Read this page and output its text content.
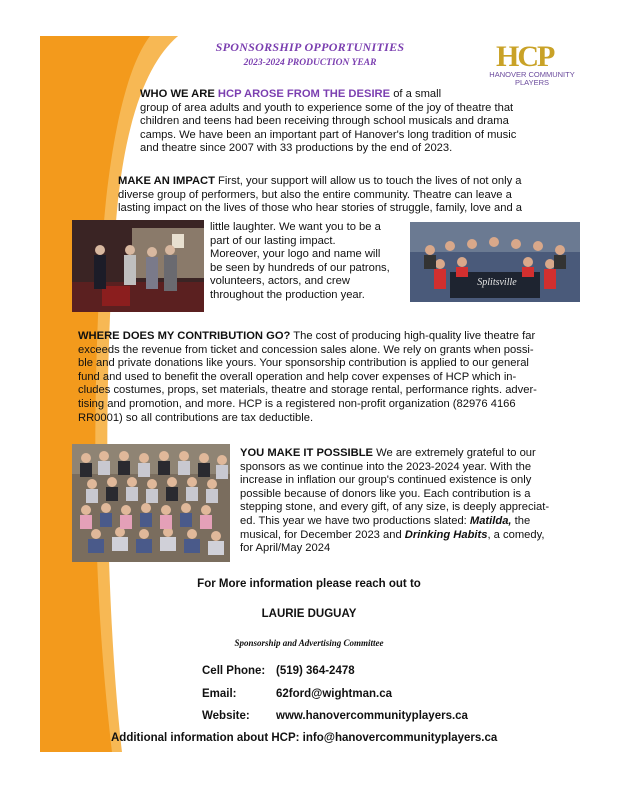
SPONSORSHIP OPPORTUNITIES
2023-2024 PRODUCTION YEAR	HCP
HANOVER COMMUNITY
PLAYERS
WHO WE ARE HCP AROSE FROM THE DESIRE of a small
group of area adults and youth to experience some of the joy of theatre that
children and teens had been receiving through school musicals and drama
camps. We have been an important part of Hanover's long tradition of music
and theatre since 2007 with 33 productions by the end of 2023.
MAKE AN IMPACT First, your support will allow us to touch the lives of not only a
diverse group of performers, but also the entire community. Theatre can leave a
lasting impact on the lives of those who hear stories of struggle, family, love and a
little laughter. We want you to be a
part of our lasting impact.
Moreover, your logo and name will
be seen by hundreds of our patrons,
volunteers, actors, and crew
throughout the production year.
Splitsville
WHERE DOES MY CONTRIBUTION GO? The cost of producing high-quality live theatre far
exceeds the revenue from ticket and concession sales alone. We rely on grants when possi-
ble and private donations like yours. Your sponsorship contribution is applied to our general
fund and used to benefit the overall operation and help cover expenses of HCP which in-
cludes costumes, props, set materials, theatre and storage rental, performance rights. adver-
tising and promotion, and more. HCP is a registered non-profit organization (82976 4166
RR0001) so all contributions are tax deductible.
YOU MAKE IT POSSIBLE We are extremely grateful to our
sponsors as we continue into the 2023-2024 year. With the
increase in inflation our group's continued existence is only
possible because of donors like you. Each contribution is a
stepping stone, and every gift, of any size, is deeply appreciat-
ed. This year we have two productions slated: Matilda, the
musical, for December 2023 and Drinking Habits, a comedy,
for April/May 2024
For More information please reach out to
LAURIE DUGUAY
Sponsorship and Advertising Committee
Cell Phone: (519) 364-2478
Email:	62ford@wightman.ca
Website: www.hanovercommunityplayers.ca
Additional information about HCP: info@hanovercommunityplayers.ca
